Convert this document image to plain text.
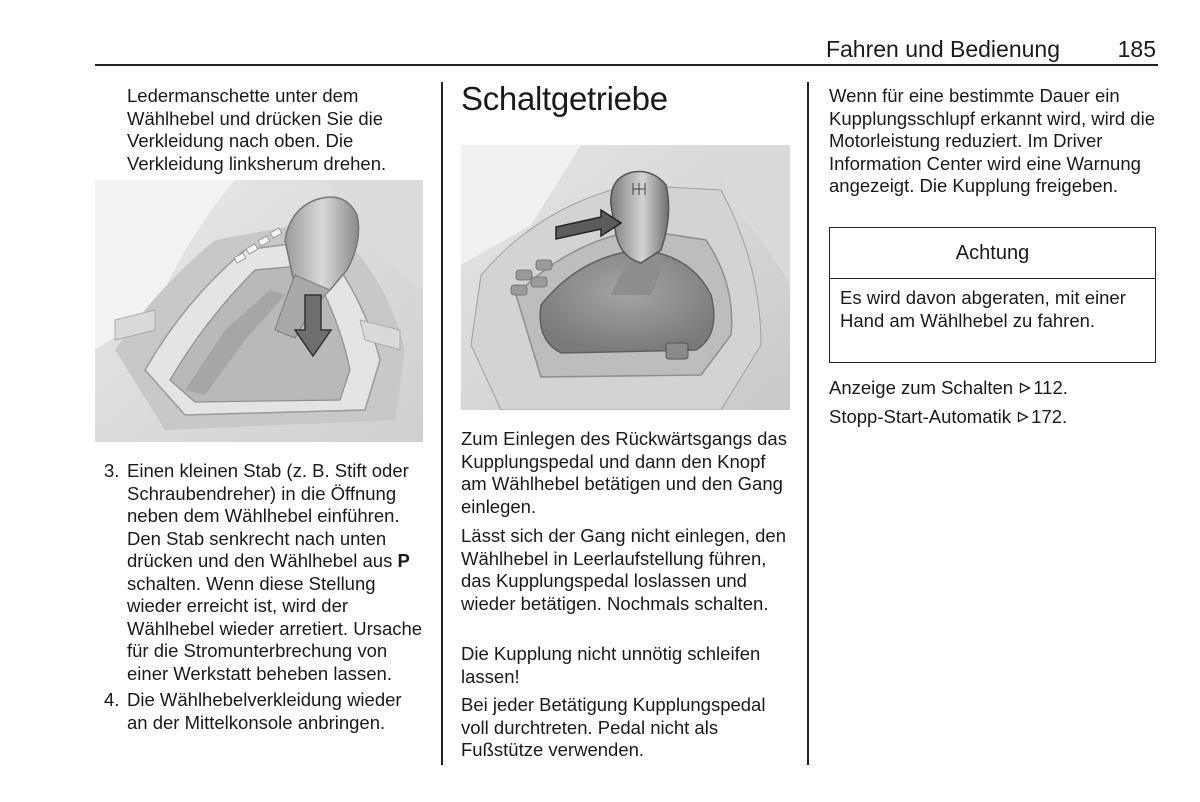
Fahren und Bedienung	185

Ledermanschette unter dem Wählhebel und drücken Sie die Verkleidung nach oben. Die Verkleidung linksherum drehen.

3. Einen kleinen Stab (z. B. Stift oder Schraubendreher) in die Öffnung neben dem Wählhebel einführen. Den Stab senkrecht nach unten drücken und den Wählhebel aus P schalten. Wenn diese Stellung wieder erreicht ist, wird der Wählhebel wieder arretiert. Ursache für die Stromunterbrechung von einer Werkstatt beheben lassen.

4. Die Wählhebelverkleidung wieder an der Mittelkonsole anbringen.

Schaltgetriebe

Zum Einlegen des Rückwärtsgangs das Kupplungspedal und dann den Knopf am Wählhebel betätigen und den Gang einlegen.

Lässt sich der Gang nicht einlegen, den Wählhebel in Leerlaufstellung führen, das Kupplungspedal loslassen und wieder betätigen. Nochmals schalten.

Die Kupplung nicht unnötig schleifen lassen!

Bei jeder Betätigung Kupplungspedal voll durchtreten. Pedal nicht als Fußstütze verwenden.

Wenn für eine bestimmte Dauer ein Kupplungsschlupf erkannt wird, wird die Motorleistung reduziert. Im Driver Information Center wird eine Warnung angezeigt. Die Kupplung freigeben.

Achtung
Es wird davon abgeraten, mit einer Hand am Wählhebel zu fahren.

Anzeige zum Schalten 112.

Stopp-Start-Automatik 172.
